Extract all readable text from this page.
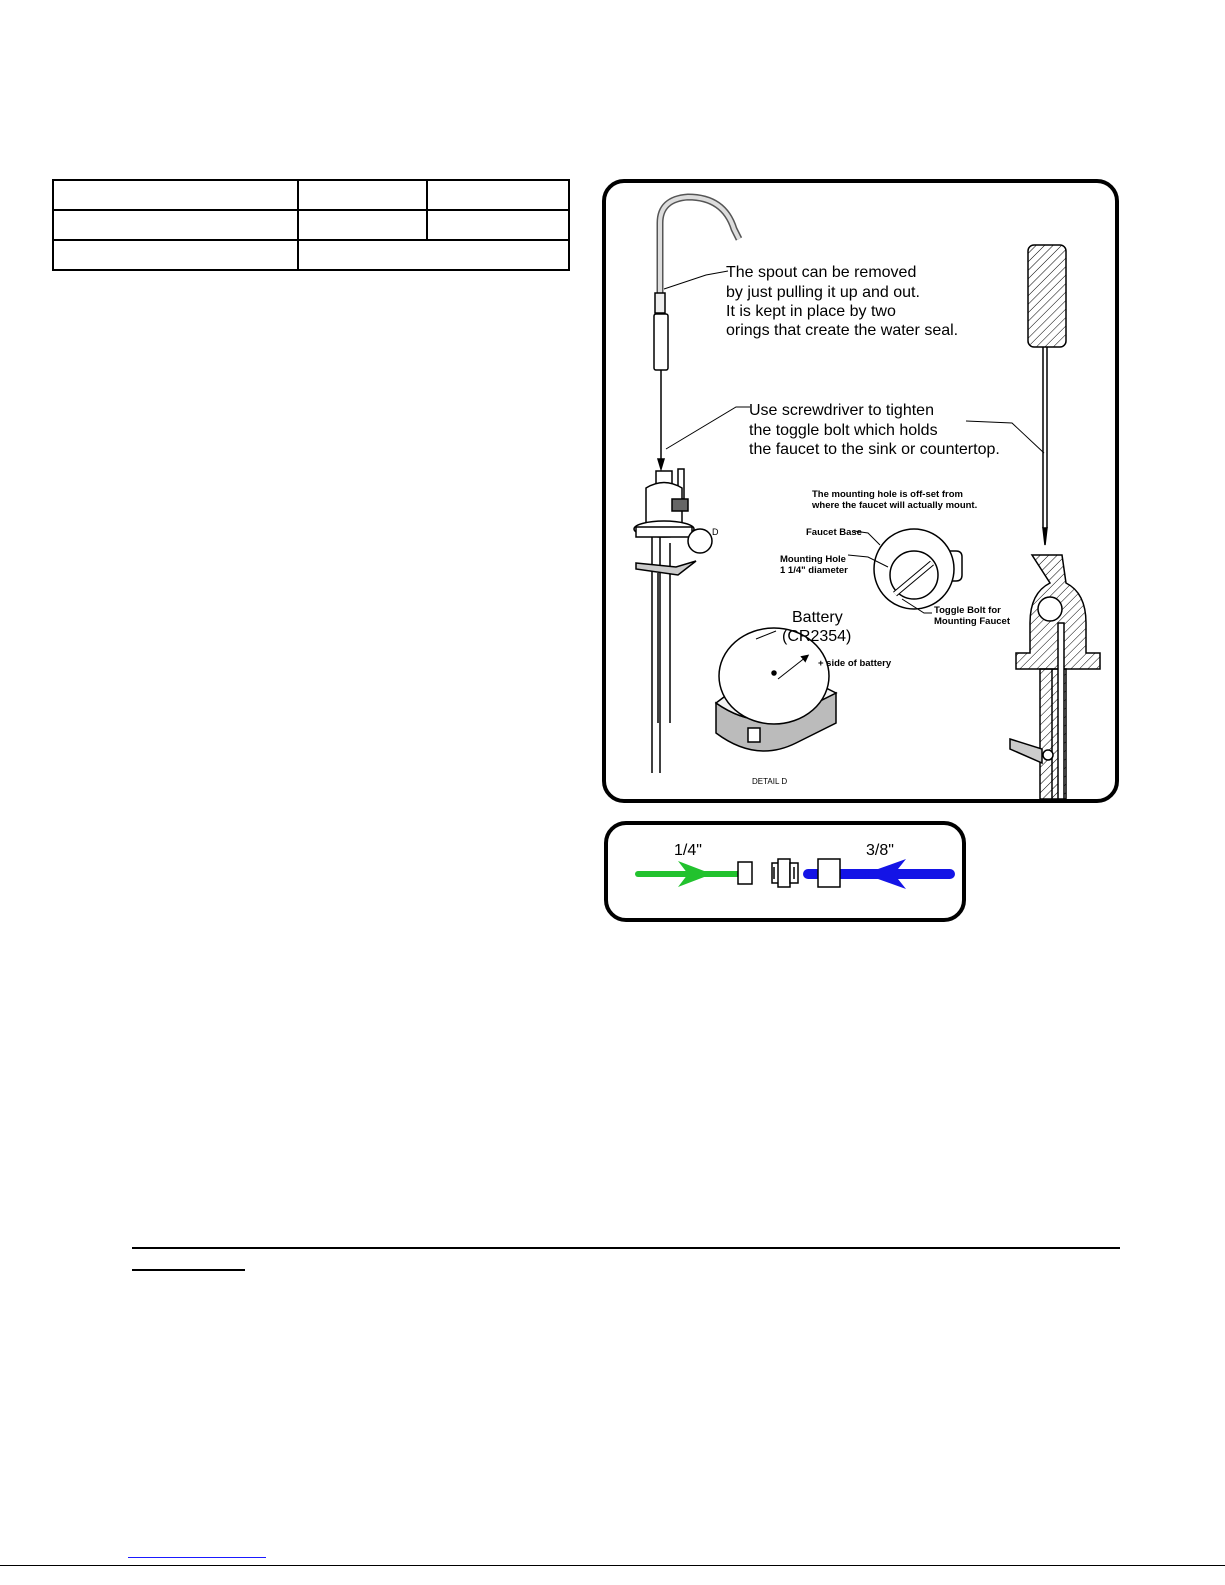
D
The spout can be removed
by just pulling it up and out.
It is kept in place by two
orings that create the water seal.
Use screwdriver to tighten
the toggle bolt which holds
the faucet to the sink or countertop.
The mounting hole is off-set from
where the faucet will actually mount.
Faucet Base
Mounting Hole
1 1/4" diameter
Toggle Bolt for
Mounting Faucet
+ side of battery
Battery
(CR2354)
DETAIL D
1/4"	3/8"
